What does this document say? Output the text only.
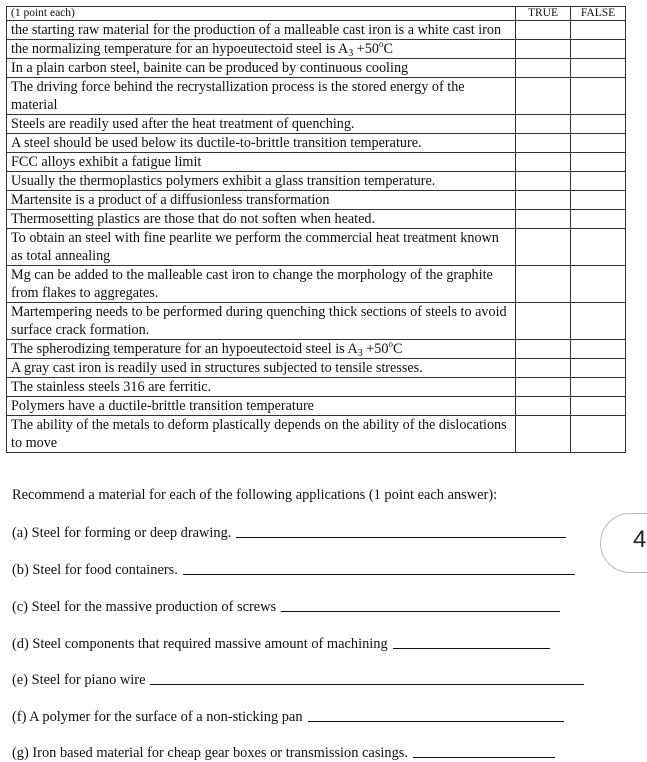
(1 point each)	TRUE	FALSE
the starting raw material for the production of a malleable cast iron is a white cast iron		
the normalizing temperature for an hypoeutectoid steel is $A_3 +50^oC$		
In a plain carbon steel, bainite can be produced by continuous cooling		
The driving force behind the recrystallization process is the stored energy of the material		
Steels are readily used after the heat treatment of quenching.		
A steel should be used below its ductile-to-brittle transition temperature.		
FCC alloys exhibit a fatigue limit		
Usually the thermoplastics polymers exhibit a glass transition temperature.		
Martensite is a product of a diffusionless transformation		
Thermosetting plastics are those that do not soften when heated.		
To obtain an steel with fine pearlite we perform the commercial heat treatment known as total annealing		
Mg can be added to the malleable cast iron to change the morphology of the graphite from flakes to aggregates.		
Martempering needs to be performed during quenching thick sections of steels to avoid surface crack formation.		
The spherodizing temperature for an hypoeutectoid steel is $A_3 +50^oC$		
A gray cast iron is readily used in structures subjected to tensile stresses.		
The stainless steels 316 are ferritic.		
Polymers have a ductile-brittle transition temperature		
The ability of the metals to deform plastically depends on the ability of the dislocations to move		
Recommend a material for each of the following applications (1 point each answer):
(a) Steel for forming or deep drawing.
(b) Steel for food containers.
(c) Steel for the massive production of screws
(d) Steel components that required massive amount of machining
(e) Steel for piano wire
(f) A polymer for the surface of a non-sticking pan
(g) Iron based material for cheap gear boxes or transmission casings.
4
